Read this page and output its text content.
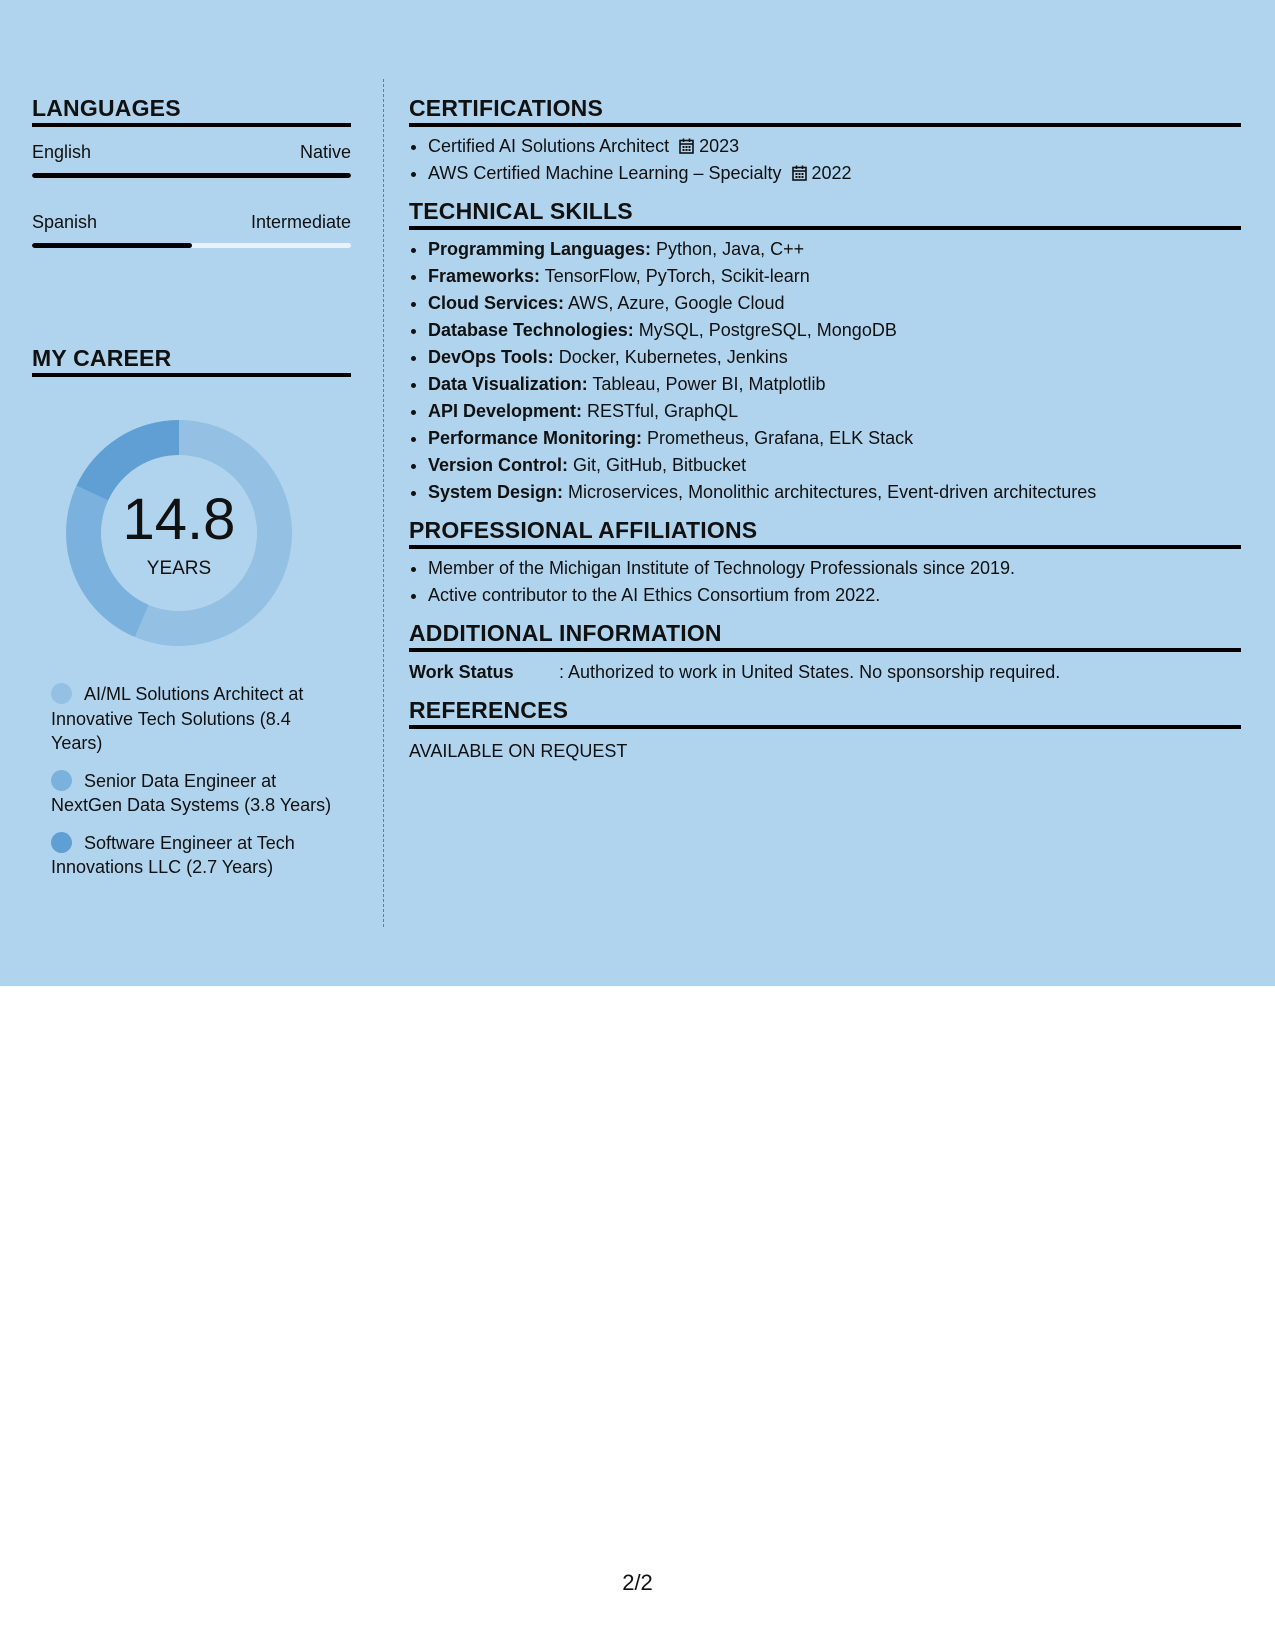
LANGUAGES
English	Native
Spanish	Intermediate
MY CAREER
14.8
YEARS
AI/ML Solutions Architect at Innovative Tech Solutions (8.4 Years)
Senior Data Engineer at NextGen Data Systems (3.8 Years)
Software Engineer at Tech Innovations LLC (2.7 Years)
CERTIFICATIONS
• Certified AI Solutions Architect 2023
• AWS Certified Machine Learning – Specialty 2022
TECHNICAL SKILLS
• Programming Languages: Python, Java, C++
• Frameworks: TensorFlow, PyTorch, Scikit-learn
• Cloud Services: AWS, Azure, Google Cloud
• Database Technologies: MySQL, PostgreSQL, MongoDB
• DevOps Tools: Docker, Kubernetes, Jenkins
• Data Visualization: Tableau, Power BI, Matplotlib
• API Development: RESTful, GraphQL
• Performance Monitoring: Prometheus, Grafana, ELK Stack
• Version Control: Git, GitHub, Bitbucket
• System Design: Microservices, Monolithic architectures, Event-driven architectures
PROFESSIONAL AFFILIATIONS
• Member of the Michigan Institute of Technology Professionals since 2019.
• Active contributor to the AI Ethics Consortium from 2022.
ADDITIONAL INFORMATION
Work Status	: Authorized to work in United States. No sponsorship required.
REFERENCES
AVAILABLE ON REQUEST
2/2
